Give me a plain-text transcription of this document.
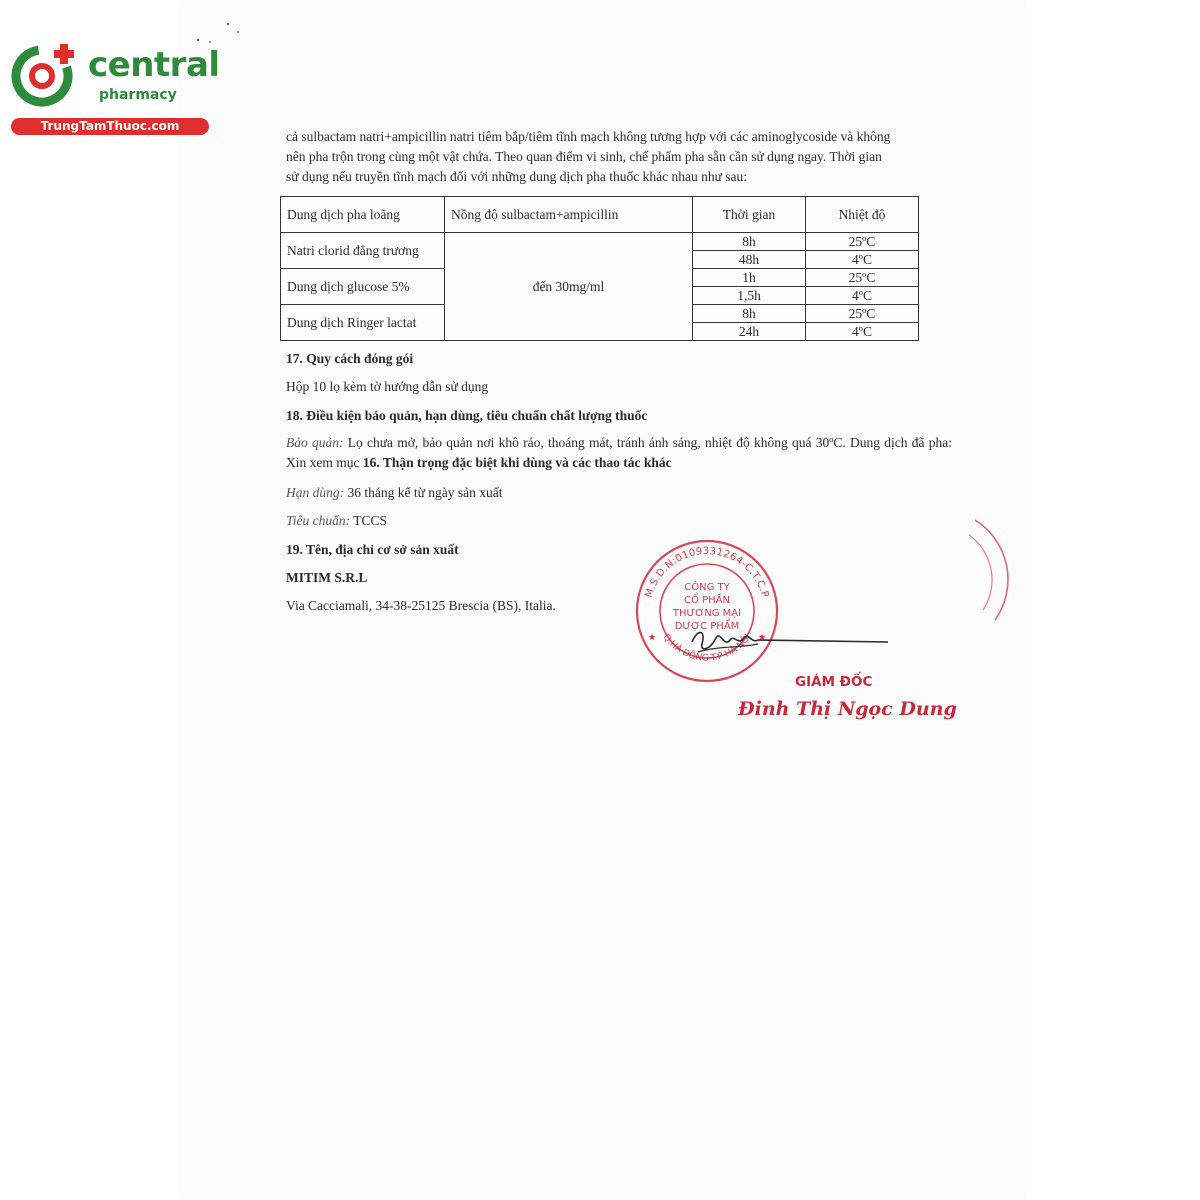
central
pharmacy
TrungTamThuoc.com
cả sulbactam natri+ampicillin natri tiêm bắp/tiêm tĩnh mạch không tương hợp với các aminoglycoside và không
nên pha trộn trong cùng một vật chứa. Theo quan điểm vi sinh, chế phẩm pha sẵn cần sử dụng ngay. Thời gian
sử dụng nếu truyền tĩnh mạch đối với những dung dịch pha thuốc khác nhau như sau:
Dung dịch pha loãng	Nồng độ sulbactam+ampicillin	Thời gian	Nhiệt độ
Natri clorid đẳng trương	đến 30mg/ml	8h	25ºC
		48h	4ºC
Dung dịch glucose 5%		1h	25ºC
		1,5h	4ºC
Dung dịch Ringer lactat		8h	25ºC
		24h	4ºC
17. Quy cách đóng gói
Hộp 10 lọ kèm tờ hướng dẫn sử dụng
18. Điều kiện bảo quản, hạn dùng, tiêu chuẩn chất lượng thuốc
Bảo quản: Lọ chưa mở, bảo quản nơi khô ráo, thoáng mát, tránh ánh sáng, nhiệt độ không quá 30ºC. Dung dịch đã pha: Xin xem mục 16. Thận trọng đặc biệt khi dùng và các thao tác khác
Hạn dùng: 36 tháng kể từ ngày sản xuất
Tiêu chuẩn: TCCS
19. Tên, địa chỉ cơ sở sản xuất
MITIM S.R.L
Via Cacciamali, 34-38-25125 Brescia (BS), Italia.
M.S.D.N:0109331264-C.T.C.P
Q.HÀ ĐÔNG-T.P HÀ NỘI
★	★
CÔNG TY
CỔ PHẦN
THƯƠNG MẠI
DƯỢC PHẨM
GIÁM ĐỐC
Đinh Thị Ngọc Dung
